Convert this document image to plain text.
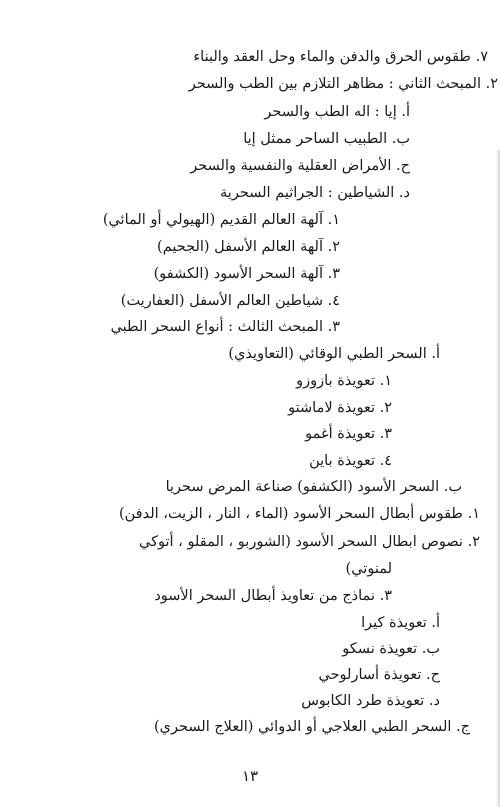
٧. طقوس الحرق والدفن والماء وحل العقد والبناء
٢. المبحث الثاني : مظاهر التلازم بين الطب والسحر
أ. إيا : اله الطب والسحر
ب. الطبيب الساحر ممثل إيا
ح. الأمراض العقلية والنفسية والسحر
د. الشياطين : الجراثيم السحرية
١. آلهة العالم القديم (الهيولي أو المائي)
٢. آلهة العالم الأسفل (الجحيم)
٣. آلهة السحر الأسود (الكشفو)
٤. شياطين العالم الأسفل (العفاريت)
٣. المبحث الثالث : أنواع السحر الطبي
أ. السحر الطبي الوقائي (التعاويذي)
١. تعويذة بازوزو
٢. تعويذة لاماشتو
٣. تعويذة أغمو
٤. تعويذة باين
ب. السحر الأسود (الكشفو) صناعة المرض سحريا
١. طقوس أبطال السحر الأسود (الماء ، النار ، الزيت، الدفن)
٢. نصوص ابطال السحر الأسود (الشوربو ، المقلو ، أتوكي
لمنوتي)
٣. نماذج من تعاويذ أبطال السحر الأسود
أ. تعويذة كيرا
ب. تعويذة نسكو
ح. تعويذة أسارلوحي
د. تعويذة طرد الكابوس
ج. السحر الطبي العلاجي أو الدوائي (العلاج السحري)
١٣
